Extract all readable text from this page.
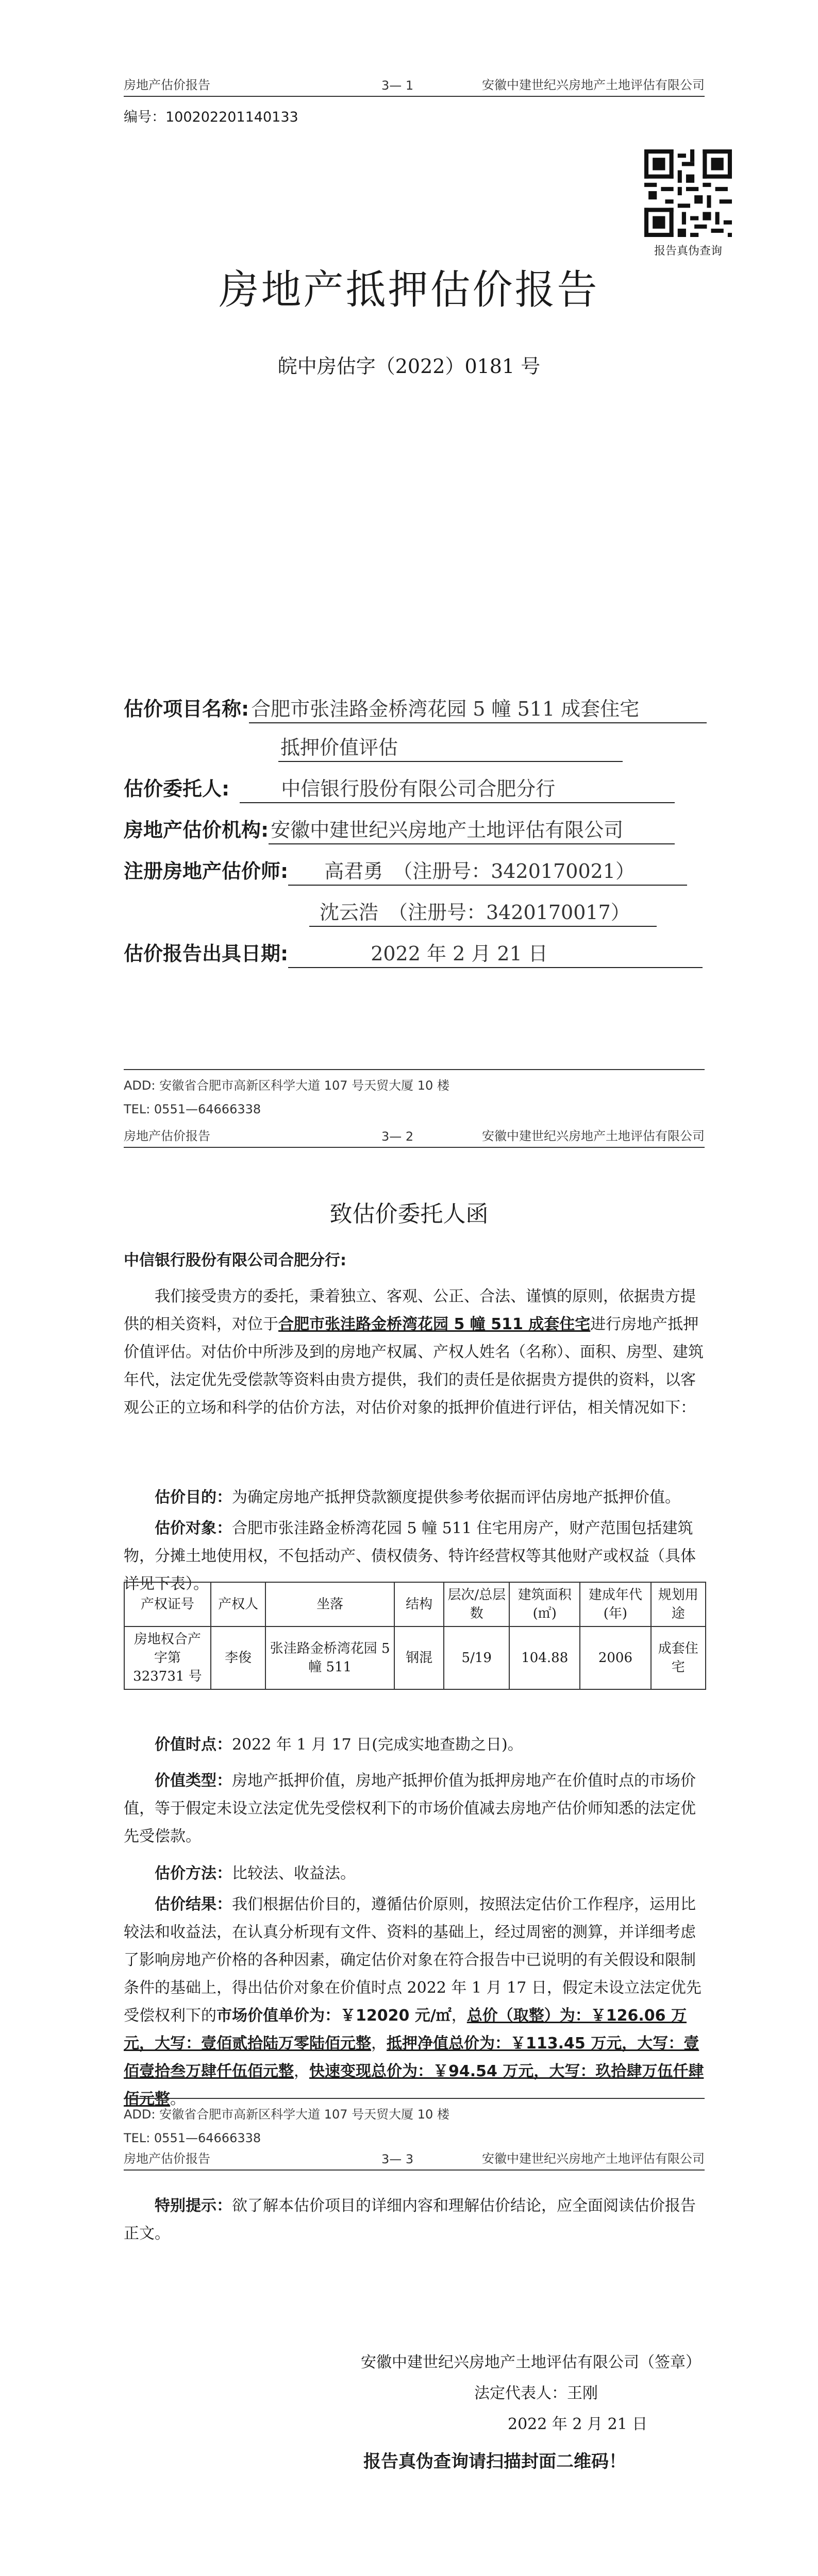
房地产估价报告	3— 1	安徽中建世纪兴房地产土地评估有限公司
编号：100202201140133
报告真伪查询
房地产抵押估价报告
皖中房估字（2022）0181 号
估价项目名称: 合肥市张洼路金桥湾花园 5 幢 511 成套住宅
抵押价值评估
估价委托人:	中信银行股份有限公司合肥分行
房地产估价机构: 安徽中建世纪兴房地产土地评估有限公司
注册房地产估价师: 高君勇　（注册号：3420170021）
沈云浩　（注册号：3420170017）
估价报告出具日期:	2022 年 2 月 21 日
ADD: 安徽省合肥市高新区科学大道 107 号天贸大厦 10 楼
TEL: 0551—64666338
房地产估价报告	3— 2	安徽中建世纪兴房地产土地评估有限公司
致估价委托人函
中信银行股份有限公司合肥分行:
我们接受贵方的委托，秉着独立、客观、公正、合法、谨慎的原则，依据贵方提供的相关资料，对位于合肥市张洼路金桥湾花园 5 幢 511 成套住宅进行房地产抵押价值评估。对估价中所涉及到的房地产权属、产权人姓名（名称）、面积、房型、建筑年代，法定优先受偿款等资料由贵方提供，我们的责任是依据贵方提供的资料，以客观公正的立场和科学的估价方法，对估价对象的抵押价值进行评估，相关情况如下：
估价目的：为确定房地产抵押贷款额度提供参考依据而评估房地产抵押价值。
估价对象：合肥市张洼路金桥湾花园 5 幢 511 住宅用房产，财产范围包括建筑物，分摊土地使用权，不包括动产、债权债务、特许经营权等其他财产或权益（具体详见下表）。
产权证号	产权人	坐落	结构	层次/总层数	建筑面积(㎡)	建成年代(年)	规划用途
房地权合产字第 323731 号	李俊	张洼路金桥湾花园 5 幢 511	钢混	5/19	104.88	2006	成套住宅
价值时点：2022 年 1 月 17 日(完成实地查勘之日)。
价值类型：房地产抵押价值，房地产抵押价值为抵押房地产在价值时点的市场价值，等于假定未设立法定优先受偿权利下的市场价值减去房地产估价师知悉的法定优先受偿款。
估价方法：比较法、收益法。
估价结果：我们根据估价目的，遵循估价原则，按照法定估价工作程序，运用比较法和收益法，在认真分析现有文件、资料的基础上，经过周密的测算，并详细考虑了影响房地产价格的各种因素，确定估价对象在符合报告中已说明的有关假设和限制条件的基础上，得出估价对象在价值时点 2022 年 1 月 17 日，假定未设立法定优先受偿权利下的市场价值单价为：￥12020 元/㎡，总价（取整）为：￥126.06 万元，大写：壹佰贰拾陆万零陆佰元整，抵押净值总价为：￥113.45 万元，大写：壹佰壹拾叁万肆仟伍佰元整，快速变现总价为：￥94.54 万元，大写：玖拾肆万伍仟肆佰元整。
ADD: 安徽省合肥市高新区科学大道 107 号天贸大厦 10 楼
TEL: 0551—64666338
房地产估价报告	3— 3	安徽中建世纪兴房地产土地评估有限公司
特别提示：欲了解本估价项目的详细内容和理解估价结论，应全面阅读估价报告正文。
安徽中建世纪兴房地产土地评估有限公司（签章）
法定代表人：王刚
2022 年 2 月 21 日
报告真伪查询请扫描封面二维码！
